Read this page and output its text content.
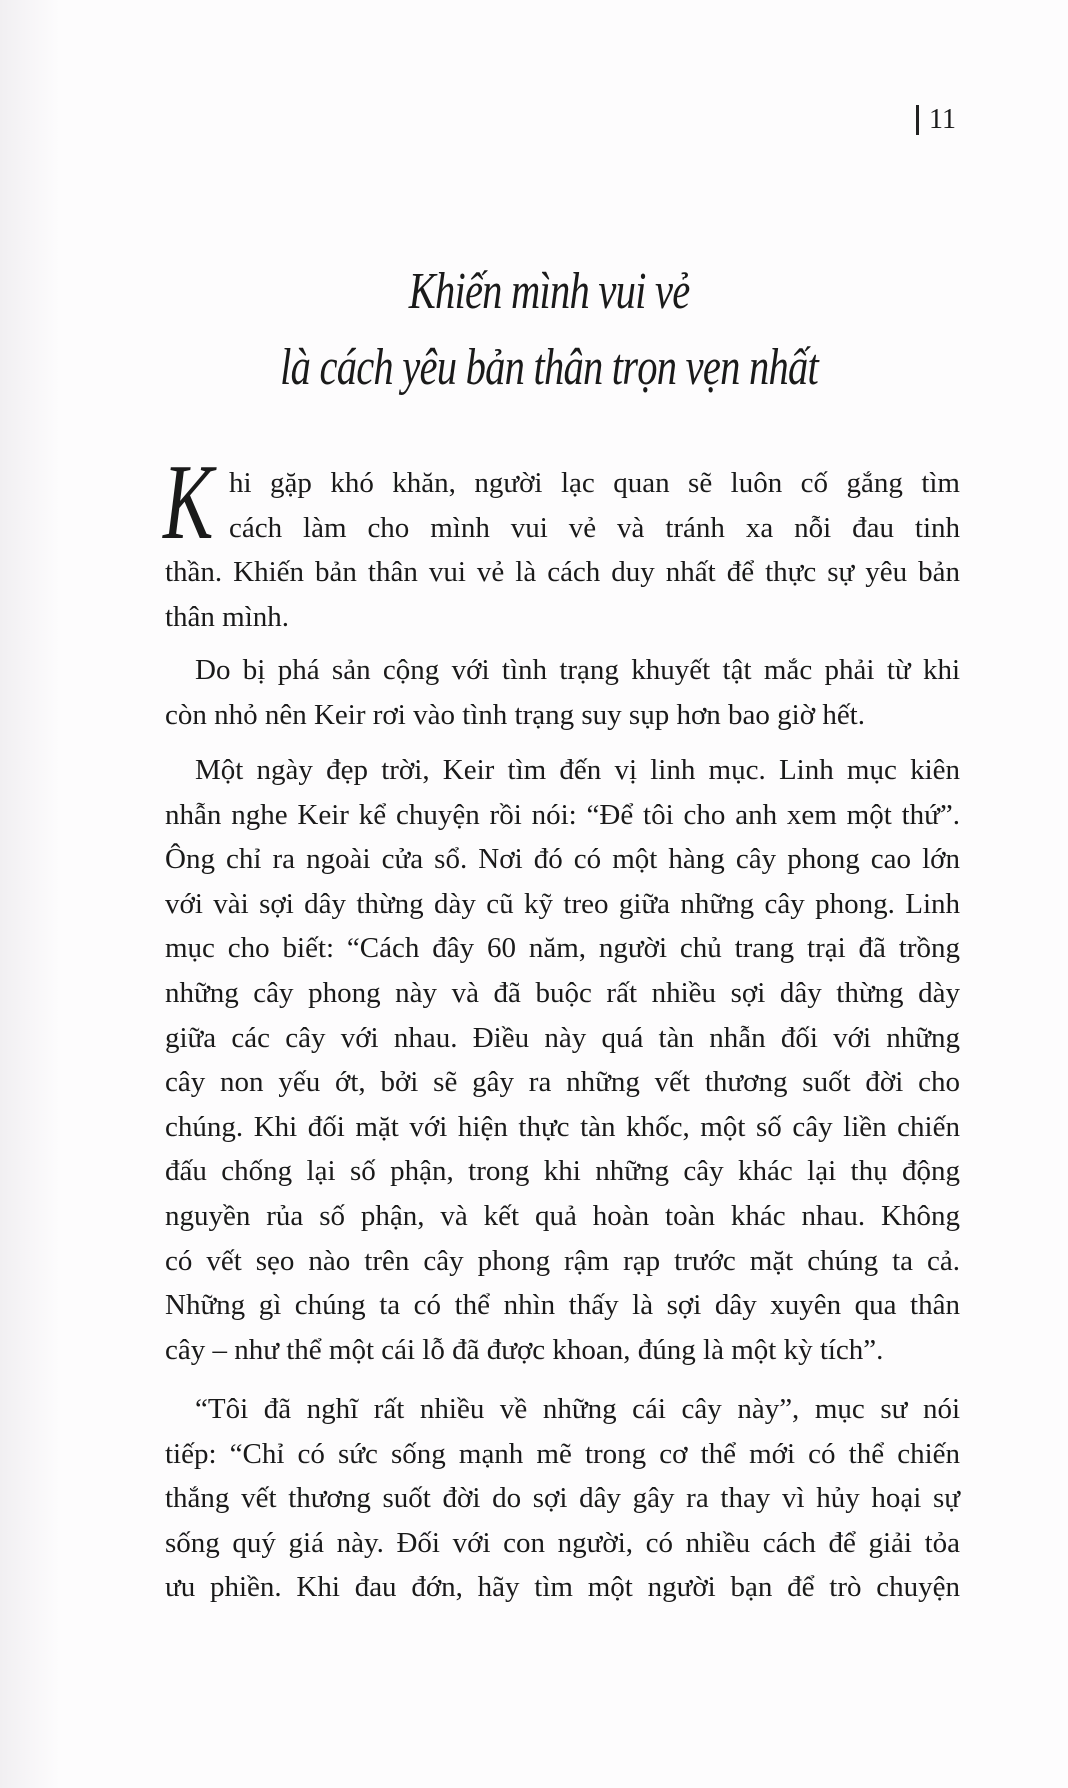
11
Khiến mình vui vẻ
là cách yêu bản thân trọn vẹn nhất
K hi gặp khó khăn, người lạc quan sẽ luôn cố gắng tìm
cách làm cho mình vui vẻ và tránh xa nỗi đau tinh
thần. Khiến bản thân vui vẻ là cách duy nhất để thực sự yêu bản
thân mình.
Do bị phá sản cộng với tình trạng khuyết tật mắc phải từ khi
còn nhỏ nên Keir rơi vào tình trạng suy sụp hơn bao giờ hết.
Một ngày đẹp trời, Keir tìm đến vị linh mục. Linh mục kiên
nhẫn nghe Keir kể chuyện rồi nói: “Để tôi cho anh xem một thứ”.
Ông chỉ ra ngoài cửa sổ. Nơi đó có một hàng cây phong cao lớn
với vài sợi dây thừng dày cũ kỹ treo giữa những cây phong. Linh
mục cho biết: “Cách đây 60 năm, người chủ trang trại đã trồng
những cây phong này và đã buộc rất nhiều sợi dây thừng dày
giữa các cây với nhau. Điều này quá tàn nhẫn đối với những
cây non yếu ớt, bởi sẽ gây ra những vết thương suốt đời cho
chúng. Khi đối mặt với hiện thực tàn khốc, một số cây liền chiến
đấu chống lại số phận, trong khi những cây khác lại thụ động
nguyền rủa số phận, và kết quả hoàn toàn khác nhau. Không
có vết sẹo nào trên cây phong rậm rạp trước mặt chúng ta cả.
Những gì chúng ta có thể nhìn thấy là sợi dây xuyên qua thân
cây – như thể một cái lỗ đã được khoan, đúng là một kỳ tích”.
“Tôi đã nghĩ rất nhiều về những cái cây này”, mục sư nói
tiếp: “Chỉ có sức sống mạnh mẽ trong cơ thể mới có thể chiến
thắng vết thương suốt đời do sợi dây gây ra thay vì hủy hoại sự
sống quý giá này. Đối với con người, có nhiều cách để giải tỏa
ưu phiền. Khi đau đớn, hãy tìm một người bạn để trò chuyện
